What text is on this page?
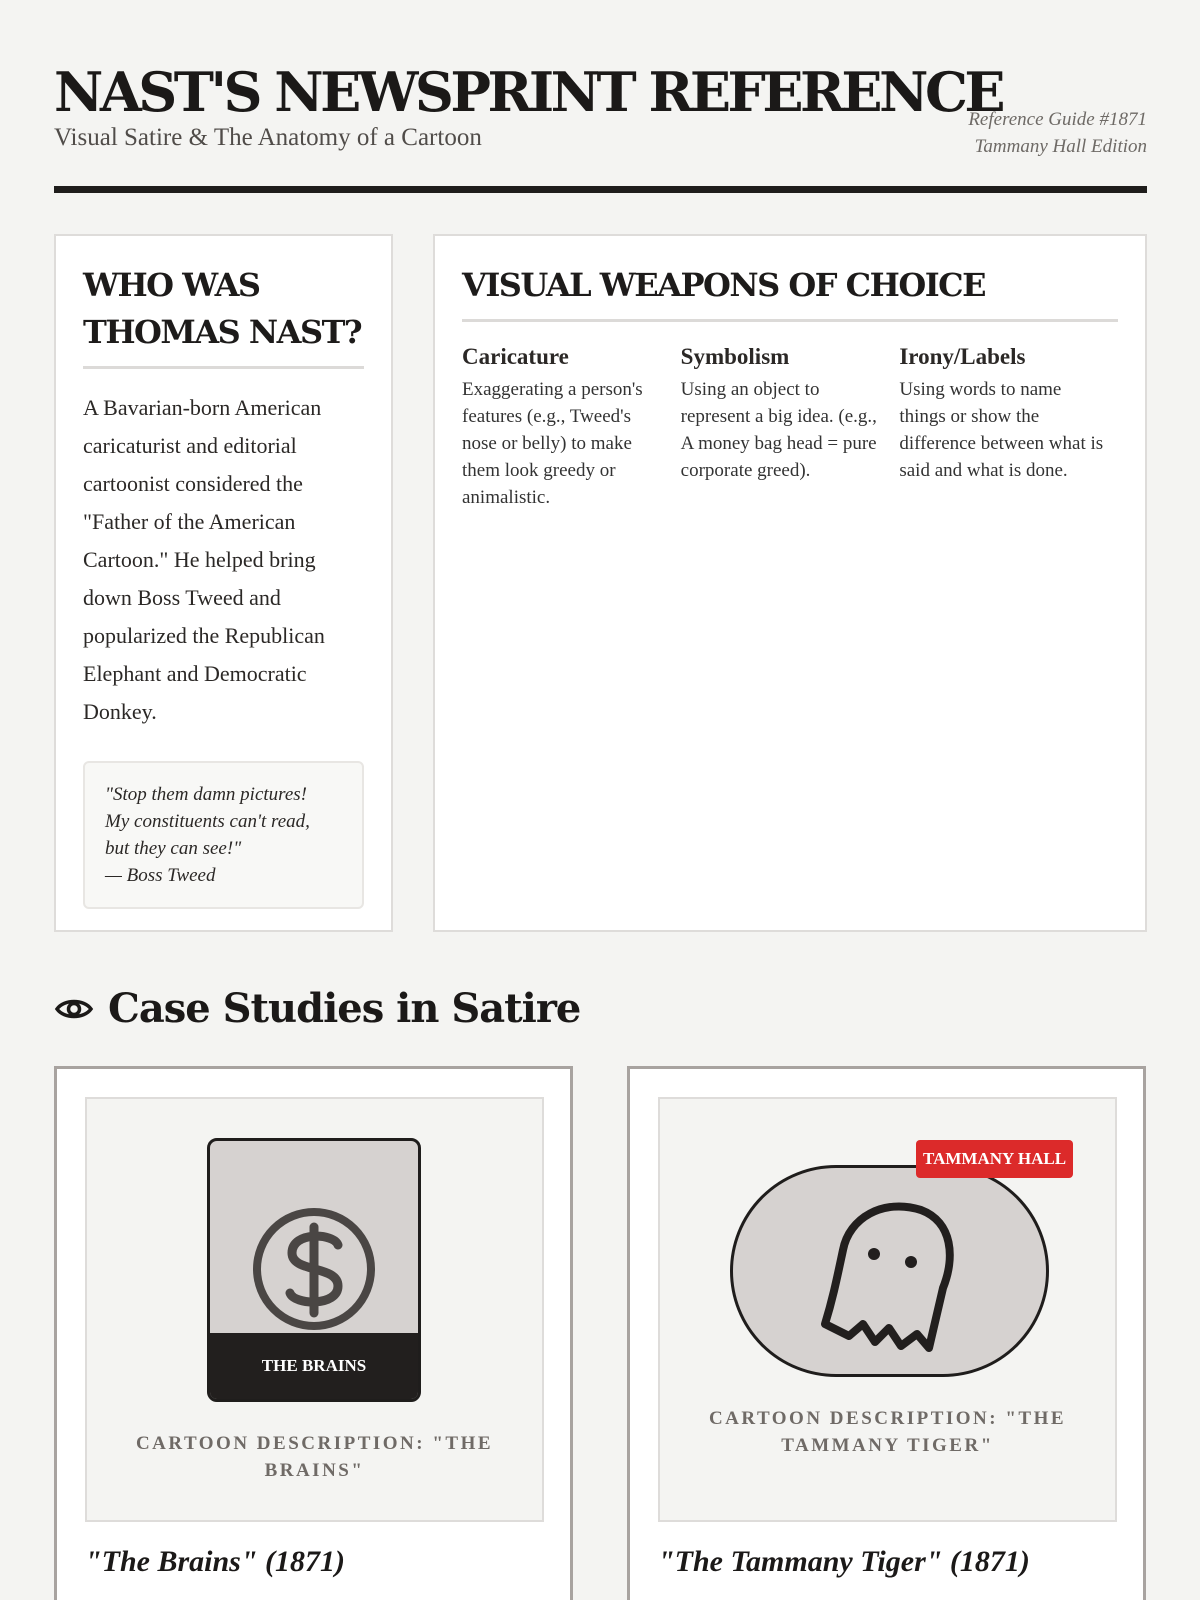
NAST'S NEWSPRINT REFERENCE
Visual Satire & The Anatomy of a Cartoon
Reference Guide #1871
Tammany Hall Edition
WHO WAS THOMAS NAST?

A Bavarian-born American caricaturist and editorial cartoonist considered the "Father of the American Cartoon." He helped bring down Boss Tweed and popularized the Republican Elephant and Democratic Donkey.

"Stop them damn pictures!
My constituents can't read,
but they can see!"
— Boss Tweed
VISUAL WEAPONS OF CHOICE
Caricature

Exaggerating a person's features (e.g., Tweed's nose or belly) to make them look greedy or animalistic.

Symbolism

Using an object to represent a big idea. (e.g., A money bag head = pure corporate greed).

Irony/Labels

Using words to name things or show the difference between what is said and what is done.

Case Studies in Satire
THE BRAINS
CARTOON DESCRIPTION: "THE BRAINS"
"The Brains" (1871)
TAMMANY HALL
CARTOON DESCRIPTION: "THE TAMMANY TIGER"
"The Tammany Tiger" (1871)
